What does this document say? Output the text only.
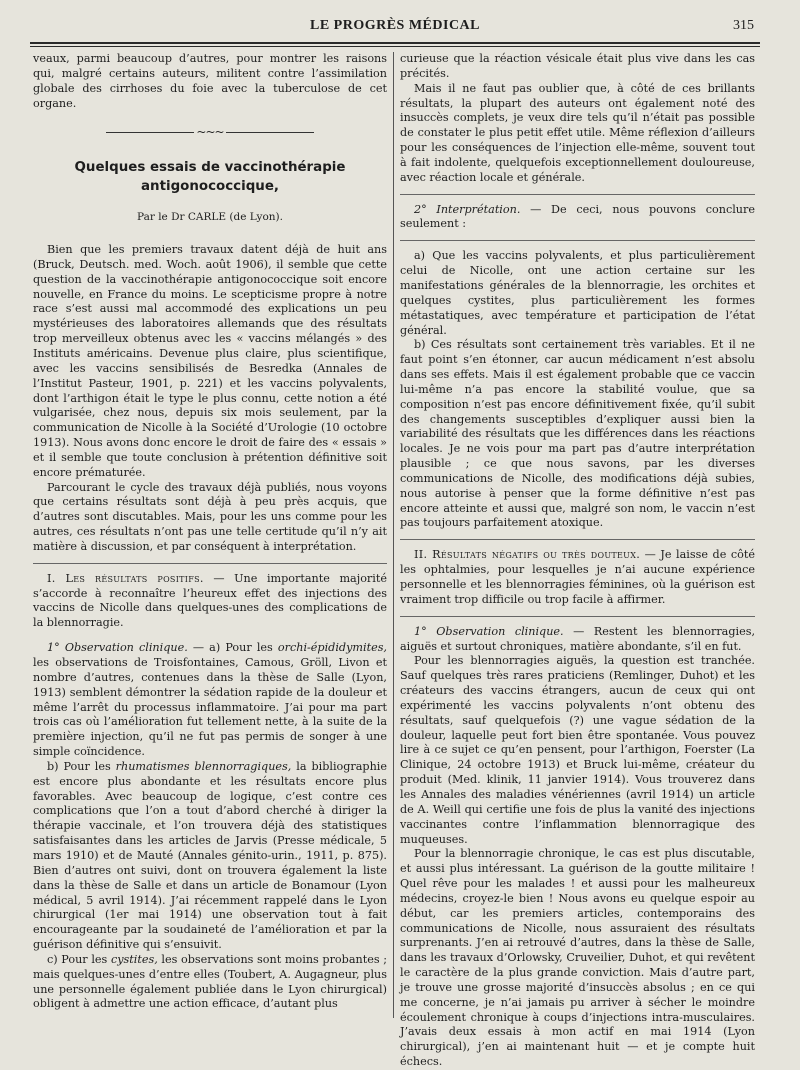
LE PROGRÈS MÉDICAL	315

veaux, parmi beaucoup d’autres, pour montrer les raisons qui, malgré certains auteurs, militent contre l’assimilation globale des cirrhoses du foie avec la tuberculose de cet organe.

~~~
Quelques essais de vaccinothérapie antigonococcique,
Par le Dr CARLE (de Lyon).

Bien que les premiers travaux datent déjà de huit ans (Bruck, Deutsch. med. Woch. août 1906), il semble que cette question de la vaccinothérapie antigonococcique soit encore nouvelle, en France du moins. Le scepticisme propre à notre race s’est aussi mal accommodé des explications un peu mystérieuses des laboratoires allemands que des résultats trop merveilleux obtenus avec les « vaccins mélangés » des Instituts américains. Devenue plus claire, plus scientifique, avec les vaccins sensibilisés de Besredka (Annales de l’Institut Pasteur, 1901, p. 221) et les vaccins polyvalents, dont l’arthigon était le type le plus connu, cette notion a été vulgarisée, chez nous, depuis six mois seulement, par la communication de Nicolle à la Société d’Urologie (10 octobre 1913). Nous avons donc encore le droit de faire des « essais » et il semble que toute conclusion à prétention définitive soit encore prématurée.

Parcourant le cycle des travaux déjà publiés, nous voyons que certains résultats sont déjà à peu près acquis, que d’autres sont discutables. Mais, pour les uns comme pour les autres, ces résultats n’ont pas une telle certitude qu’il n’y ait matière à discussion, et par conséquent à interprétation.

I. Les résultats positifs. — Une importante majorité s’accorde à reconnaître l’heureux effet des injections des vaccins de Nicolle dans quelques-unes des complications de la blennorragie.

1° Observation clinique. — a) Pour les orchi-épididymites, les observations de Troisfontaines, Camous, Gröll, Livon et nombre d’autres, contenues dans la thèse de Salle (Lyon, 1913) semblent démontrer la sédation rapide de la douleur et même l’arrêt du processus inflammatoire. J’ai pour ma part trois cas où l’amélioration fut tellement nette, à la suite de la première injection, qu’il ne fut pas permis de songer à une simple coïncidence.

b) Pour les rhumatismes blennorragiques, la bibliographie est encore plus abondante et les résultats encore plus favorables. Avec beaucoup de logique, c’est contre ces complications que l’on a tout d’abord cherché à diriger la thérapie vaccinale, et l’on trouvera déjà des statistiques satisfaisantes dans les articles de Jarvis (Presse médicale, 5 mars 1910) et de Mauté (Annales génito-urin., 1911, p. 875). Bien d’autres ont suivi, dont on trouvera également la liste dans la thèse de Salle et dans un article de Bonamour (Lyon médical, 5 avril 1914). J’ai récemment rappelé dans le Lyon chirurgical (1er mai 1914) une observation tout à fait encourageante par la soudaineté de l’amélioration et par la guérison définitive qui s’ensuivit.

c) Pour les cystites, les observations sont moins probantes ; mais quelques-unes d’entre elles (Toubert, A. Augagneur, plus une personnelle également publiée dans le Lyon chirurgical) obligent à admettre une action efficace, d’autant plus

curieuse que la réaction vésicale était plus vive dans les cas précités.

Mais il ne faut pas oublier que, à côté de ces brillants résultats, la plupart des auteurs ont également noté des insuccès complets, je veux dire tels qu’il n’était pas possible de constater le plus petit effet utile. Même réflexion d’ailleurs pour les conséquences de l’injection elle-même, souvent tout à fait indolente, quelquefois exceptionnellement douloureuse, avec réaction locale et générale.

2° Interprétation. — De ceci, nous pouvons conclure seulement :

a) Que les vaccins polyvalents, et plus particulièrement celui de Nicolle, ont une action certaine sur les manifestations générales de la blennorragie, les orchites et quelques cystites, plus particulièrement les formes métastatiques, avec température et participation de l’état général.

b) Ces résultats sont certainement très variables. Et il ne faut point s’en étonner, car aucun médicament n’est absolu dans ses effets. Mais il est également probable que ce vaccin lui-même n’a pas encore la stabilité voulue, que sa composition n’est pas encore définitivement fixée, qu’il subit des changements susceptibles d’expliquer aussi bien la variabilité des résultats que les différences dans les réactions locales. Je ne vois pour ma part pas d’autre interprétation plausible ; ce que nous savons, par les diverses communications de Nicolle, des modifications déjà subies, nous autorise à penser que la forme définitive n’est pas encore atteinte et aussi que, malgré son nom, le vaccin n’est pas toujours parfaitement atoxique.

II. Résultats négatifs ou très douteux. — Je laisse de côté les ophtalmies, pour lesquelles je n’ai aucune expérience personnelle et les blennorragies féminines, où la guérison est vraiment trop difficile ou trop facile à affirmer.

1° Observation clinique. — Restent les blennorragies, aiguës et surtout chroniques, matière abondante, s’il en fut.

Pour les blennorragies aiguës, la question est tranchée. Sauf quelques très rares praticiens (Remlinger, Duhot) et les créateurs des vaccins étrangers, aucun de ceux qui ont expérimenté les vaccins polyvalents n’ont obtenu des résultats, sauf quelquefois (?) une vague sédation de la douleur, laquelle peut fort bien être spontanée. Vous pouvez lire à ce sujet ce qu’en pensent, pour l’arthigon, Foerster (La Clinique, 24 octobre 1913) et Bruck lui-même, créateur du produit (Med. klinik, 11 janvier 1914). Vous trouverez dans les Annales des maladies vénériennes (avril 1914) un article de A. Weill qui certifie une fois de plus la vanité des injections vaccinantes contre l’inflammation blennorragique des muqueuses.

Pour la blennorragie chronique, le cas est plus discutable, et aussi plus intéressant. La guérison de la goutte militaire ! Quel rêve pour les malades ! et aussi pour les malheureux médecins, croyez-le bien ! Nous avons eu quelque espoir au début, car les premiers articles, contemporains des communications de Nicolle, nous assuraient des résultats surprenants. J’en ai retrouvé d’autres, dans la thèse de Salle, dans les travaux d’Orlowsky, Cruveilier, Duhot, et qui revêtent le caractère de la plus grande conviction. Mais d’autre part, je trouve une grosse majorité d’insuccès absolus ; en ce qui me concerne, je n’ai jamais pu arriver à sécher le moindre écoulement chronique à coups d’injections intra-musculaires. J’avais deux essais à mon actif en mai 1914 (Lyon chirurgical), j’en ai maintenant huit — et je compte huit échecs.
